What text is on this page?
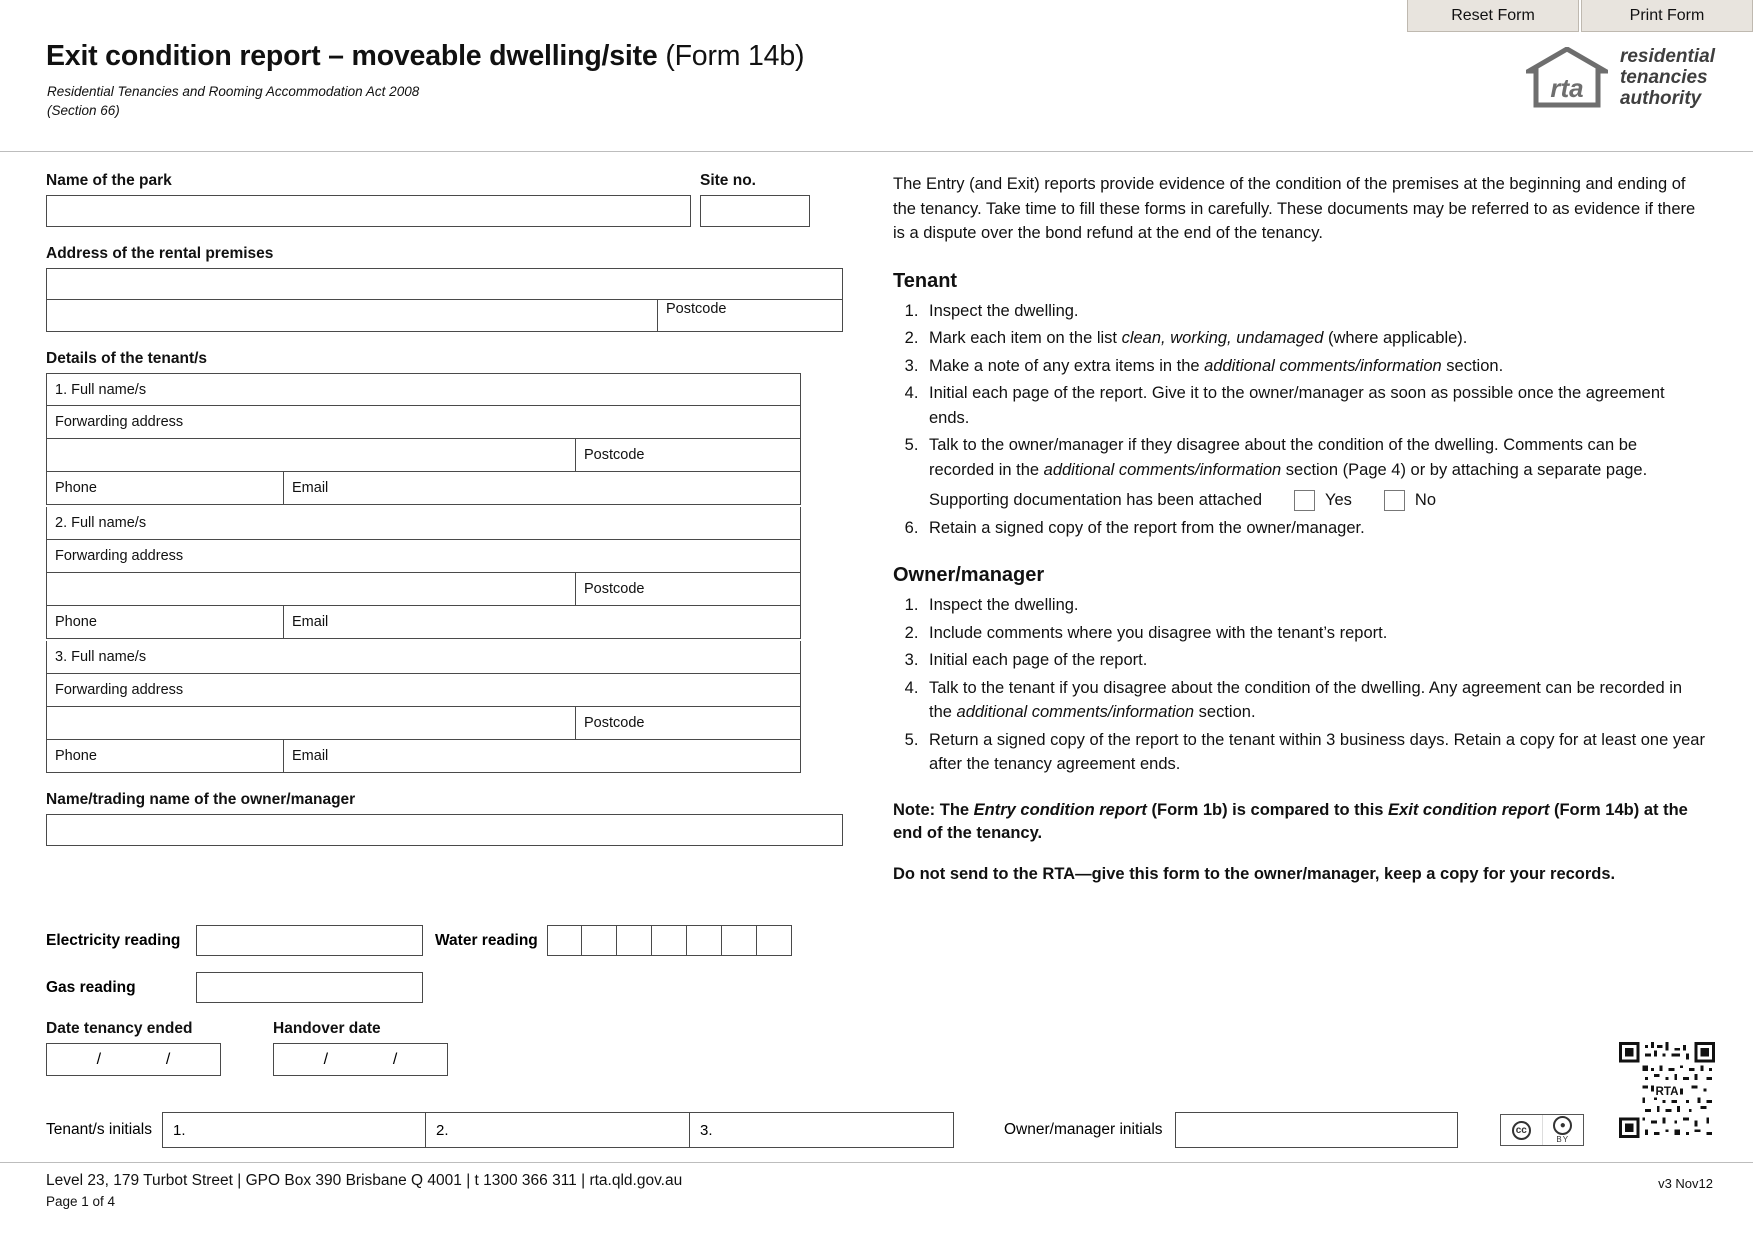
Reset Form	Print Form
Exit condition report – moveable dwelling/site (Form 14b)
Residential Tenancies and Rooming Accommodation Act 2008
(Section 66)
rta
residential
tenancies
authority
Name of the park	Site no.
Address of the rental premises
Postcode
Details of the tenant/s
1. Full name/s
Forwarding address
Postcode
Phone	Email
2. Full name/s
Forwarding address
Postcode
Phone	Email
3. Full name/s
Forwarding address
Postcode
Phone	Email
Name/trading name of the owner/manager
Electricity reading	Water reading
Gas reading
Date tenancy ended
/	/
Handover date
/	/
The Entry (and Exit) reports provide evidence of the condition of the premises at the beginning and ending of the tenancy. Take time to fill these forms in carefully. These documents may be referred to as evidence if there is a dispute over the bond refund at the end of the tenancy.
Tenant
1. Inspect the dwelling.
2. Mark each item on the list clean, working, undamaged (where applicable).
3. Make a note of any extra items in the additional comments/information section.
4. Initial each page of the report. Give it to the owner/manager as soon as possible once the agreement ends.
5. Talk to the owner/manager if they disagree about the condition of the dwelling. Comments can be recorded in the additional comments/information section (Page 4) or by attaching a separate page.
Supporting documentation has been attached	Yes	No
6. Retain a signed copy of the report from the owner/manager.
Owner/manager
1. Inspect the dwelling.
2. Include comments where you disagree with the tenant’s report.
3. Initial each page of the report.
4. Talk to the tenant if you disagree about the condition of the dwelling. Any agreement can be recorded in the additional comments/information section.
5. Return a signed copy of the report to the tenant within 3 business days. Retain a copy for at least one year after the tenancy agreement ends.
Note: The Entry condition report (Form 1b) is compared to this Exit condition report (Form 14b) at the end of the tenancy.
Do not send to the RTA—give this form to the owner/manager, keep a copy for your records.
RTA
cc	●
BY
Tenant/s initials 1.	2.	3.	Owner/manager initials
Level 23, 179 Turbot Street | GPO Box 390 Brisbane Q 4001 | t 1300 366 311 | rta.qld.gov.au
Page 1 of 4
v3 Nov12
